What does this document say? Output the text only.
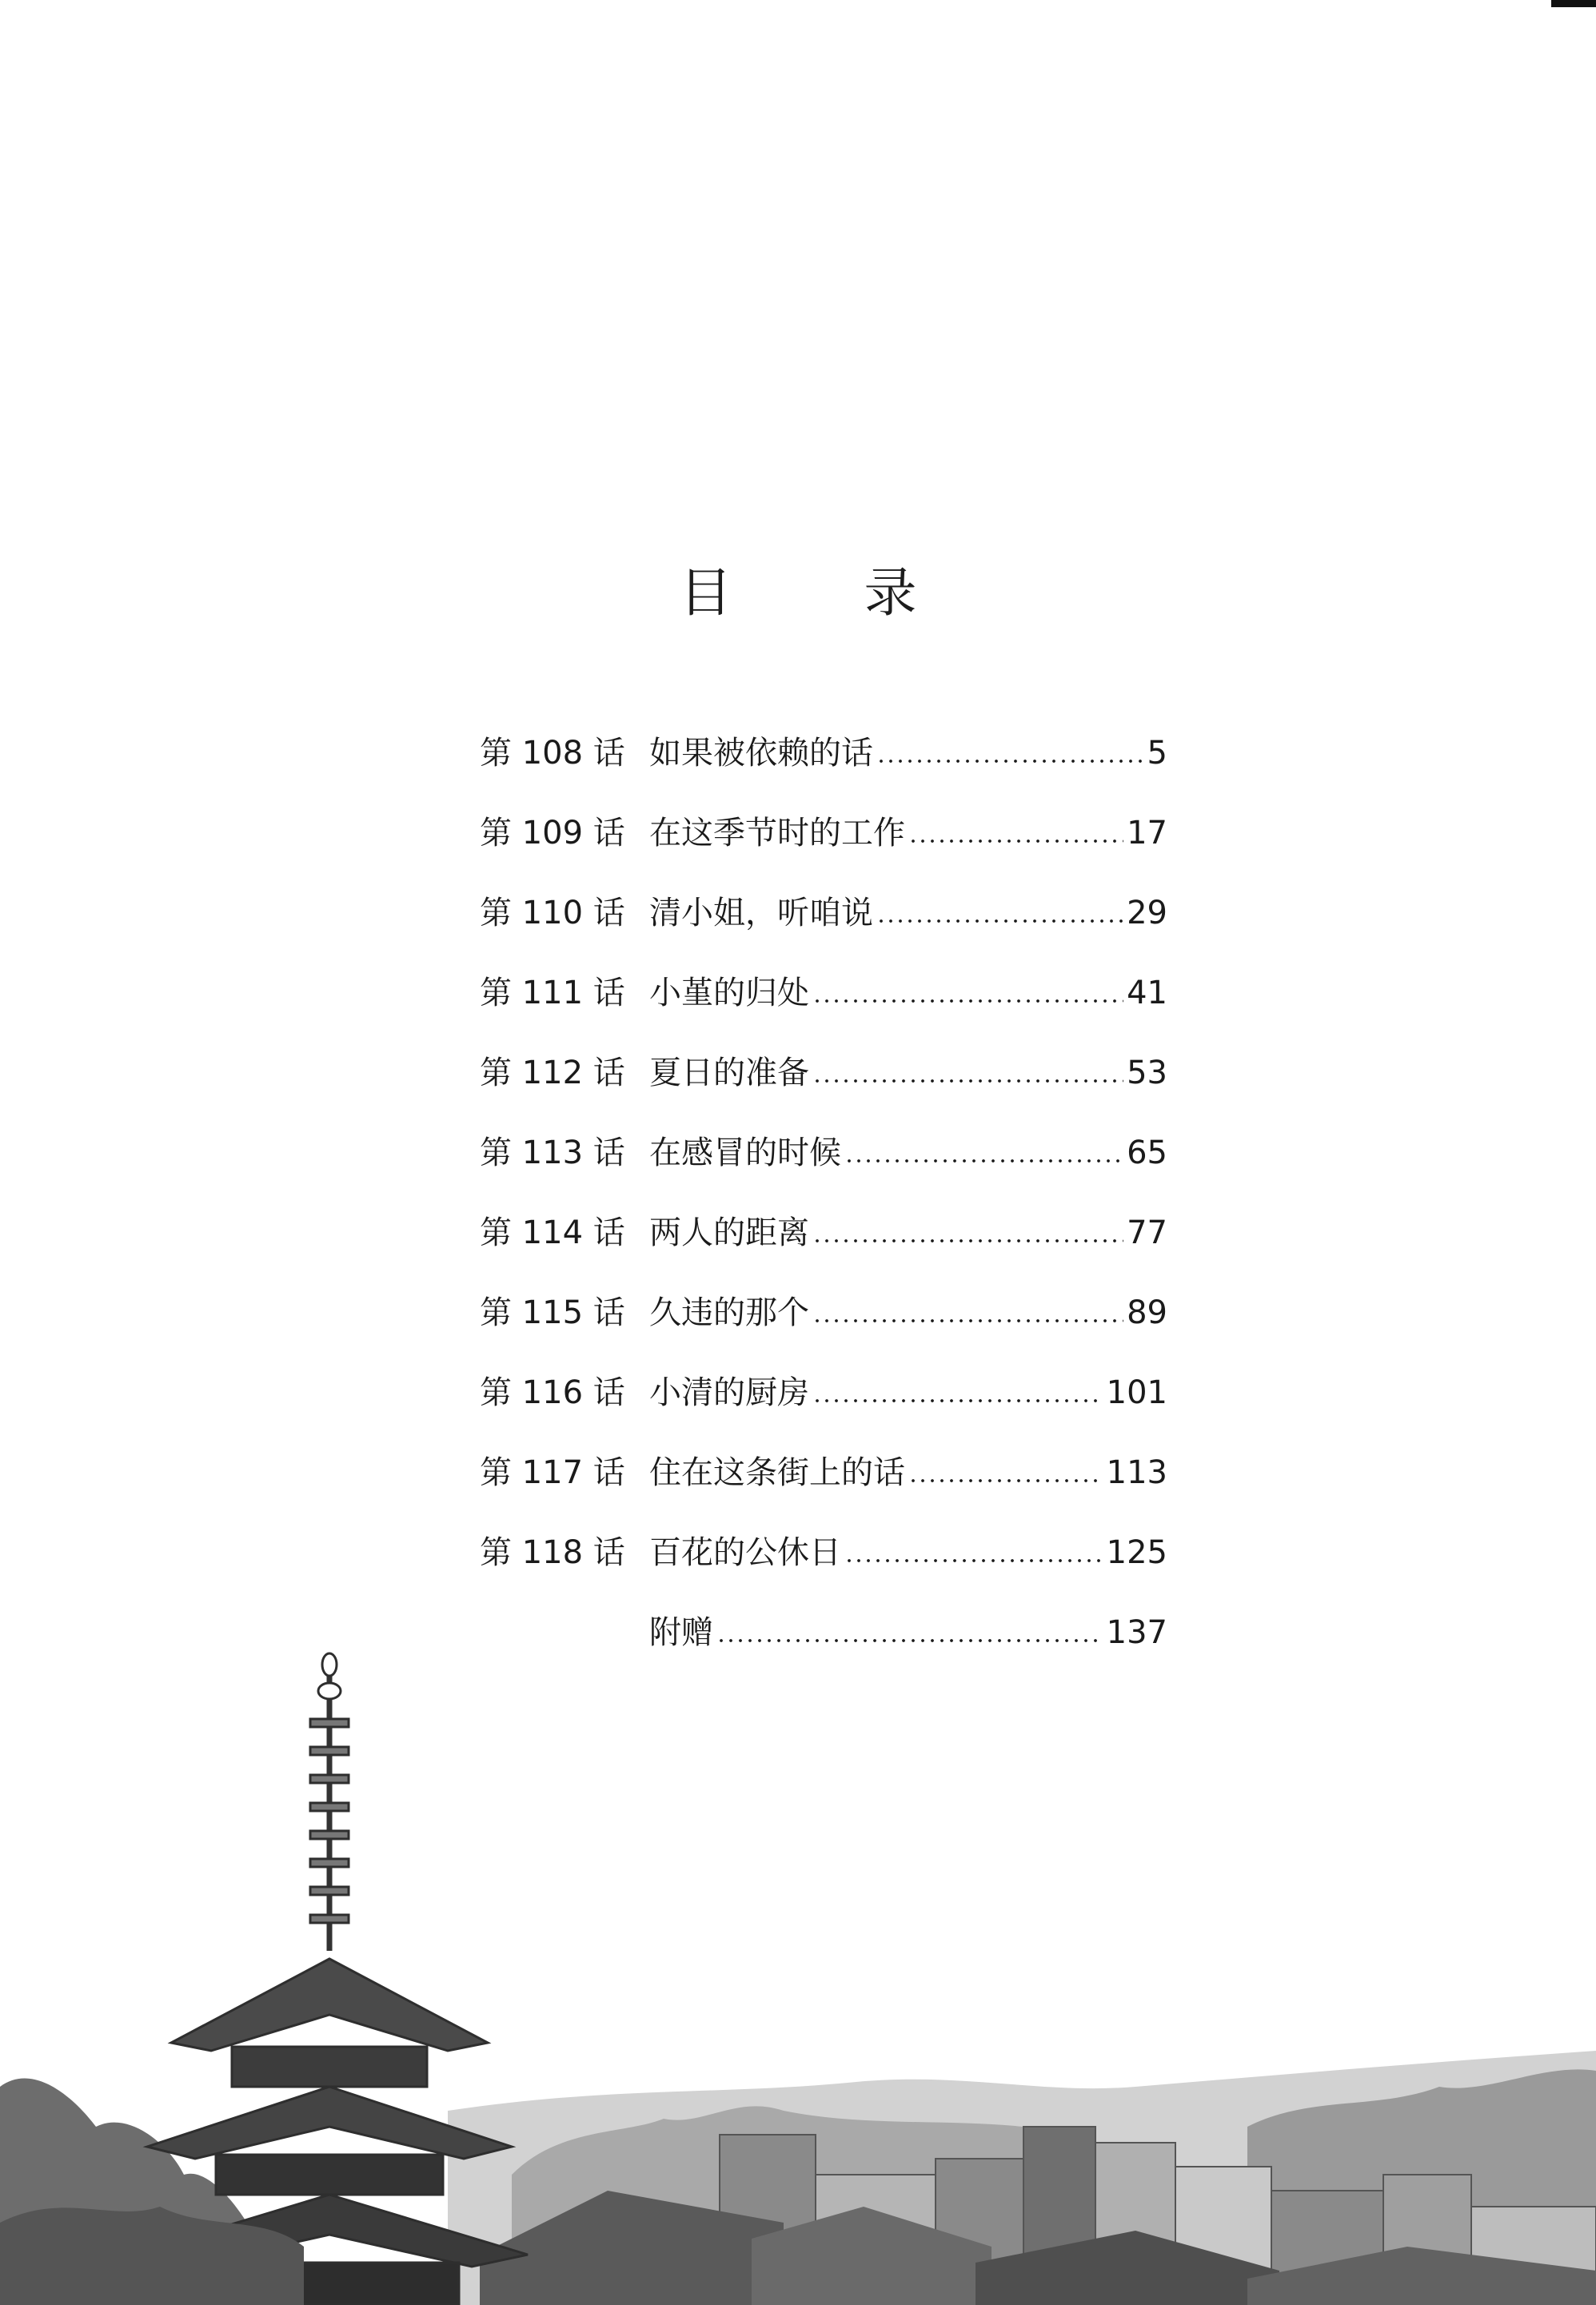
目 录
第 108 话 如果被依赖的话	5
第 109 话 在这季节时的工作	17
第 110 话 清小姐，听咱说	29
第 111 话 小堇的归处	41
第 112 话 夏日的准备	53
第 113 话 在感冒的时候	65
第 114 话 两人的距离	77
第 115 话 久违的那个	89
第 116 话 小清的厨房	101
第 117 话 住在这条街上的话	113
第 118 话 百花的公休日	125
附赠	137
